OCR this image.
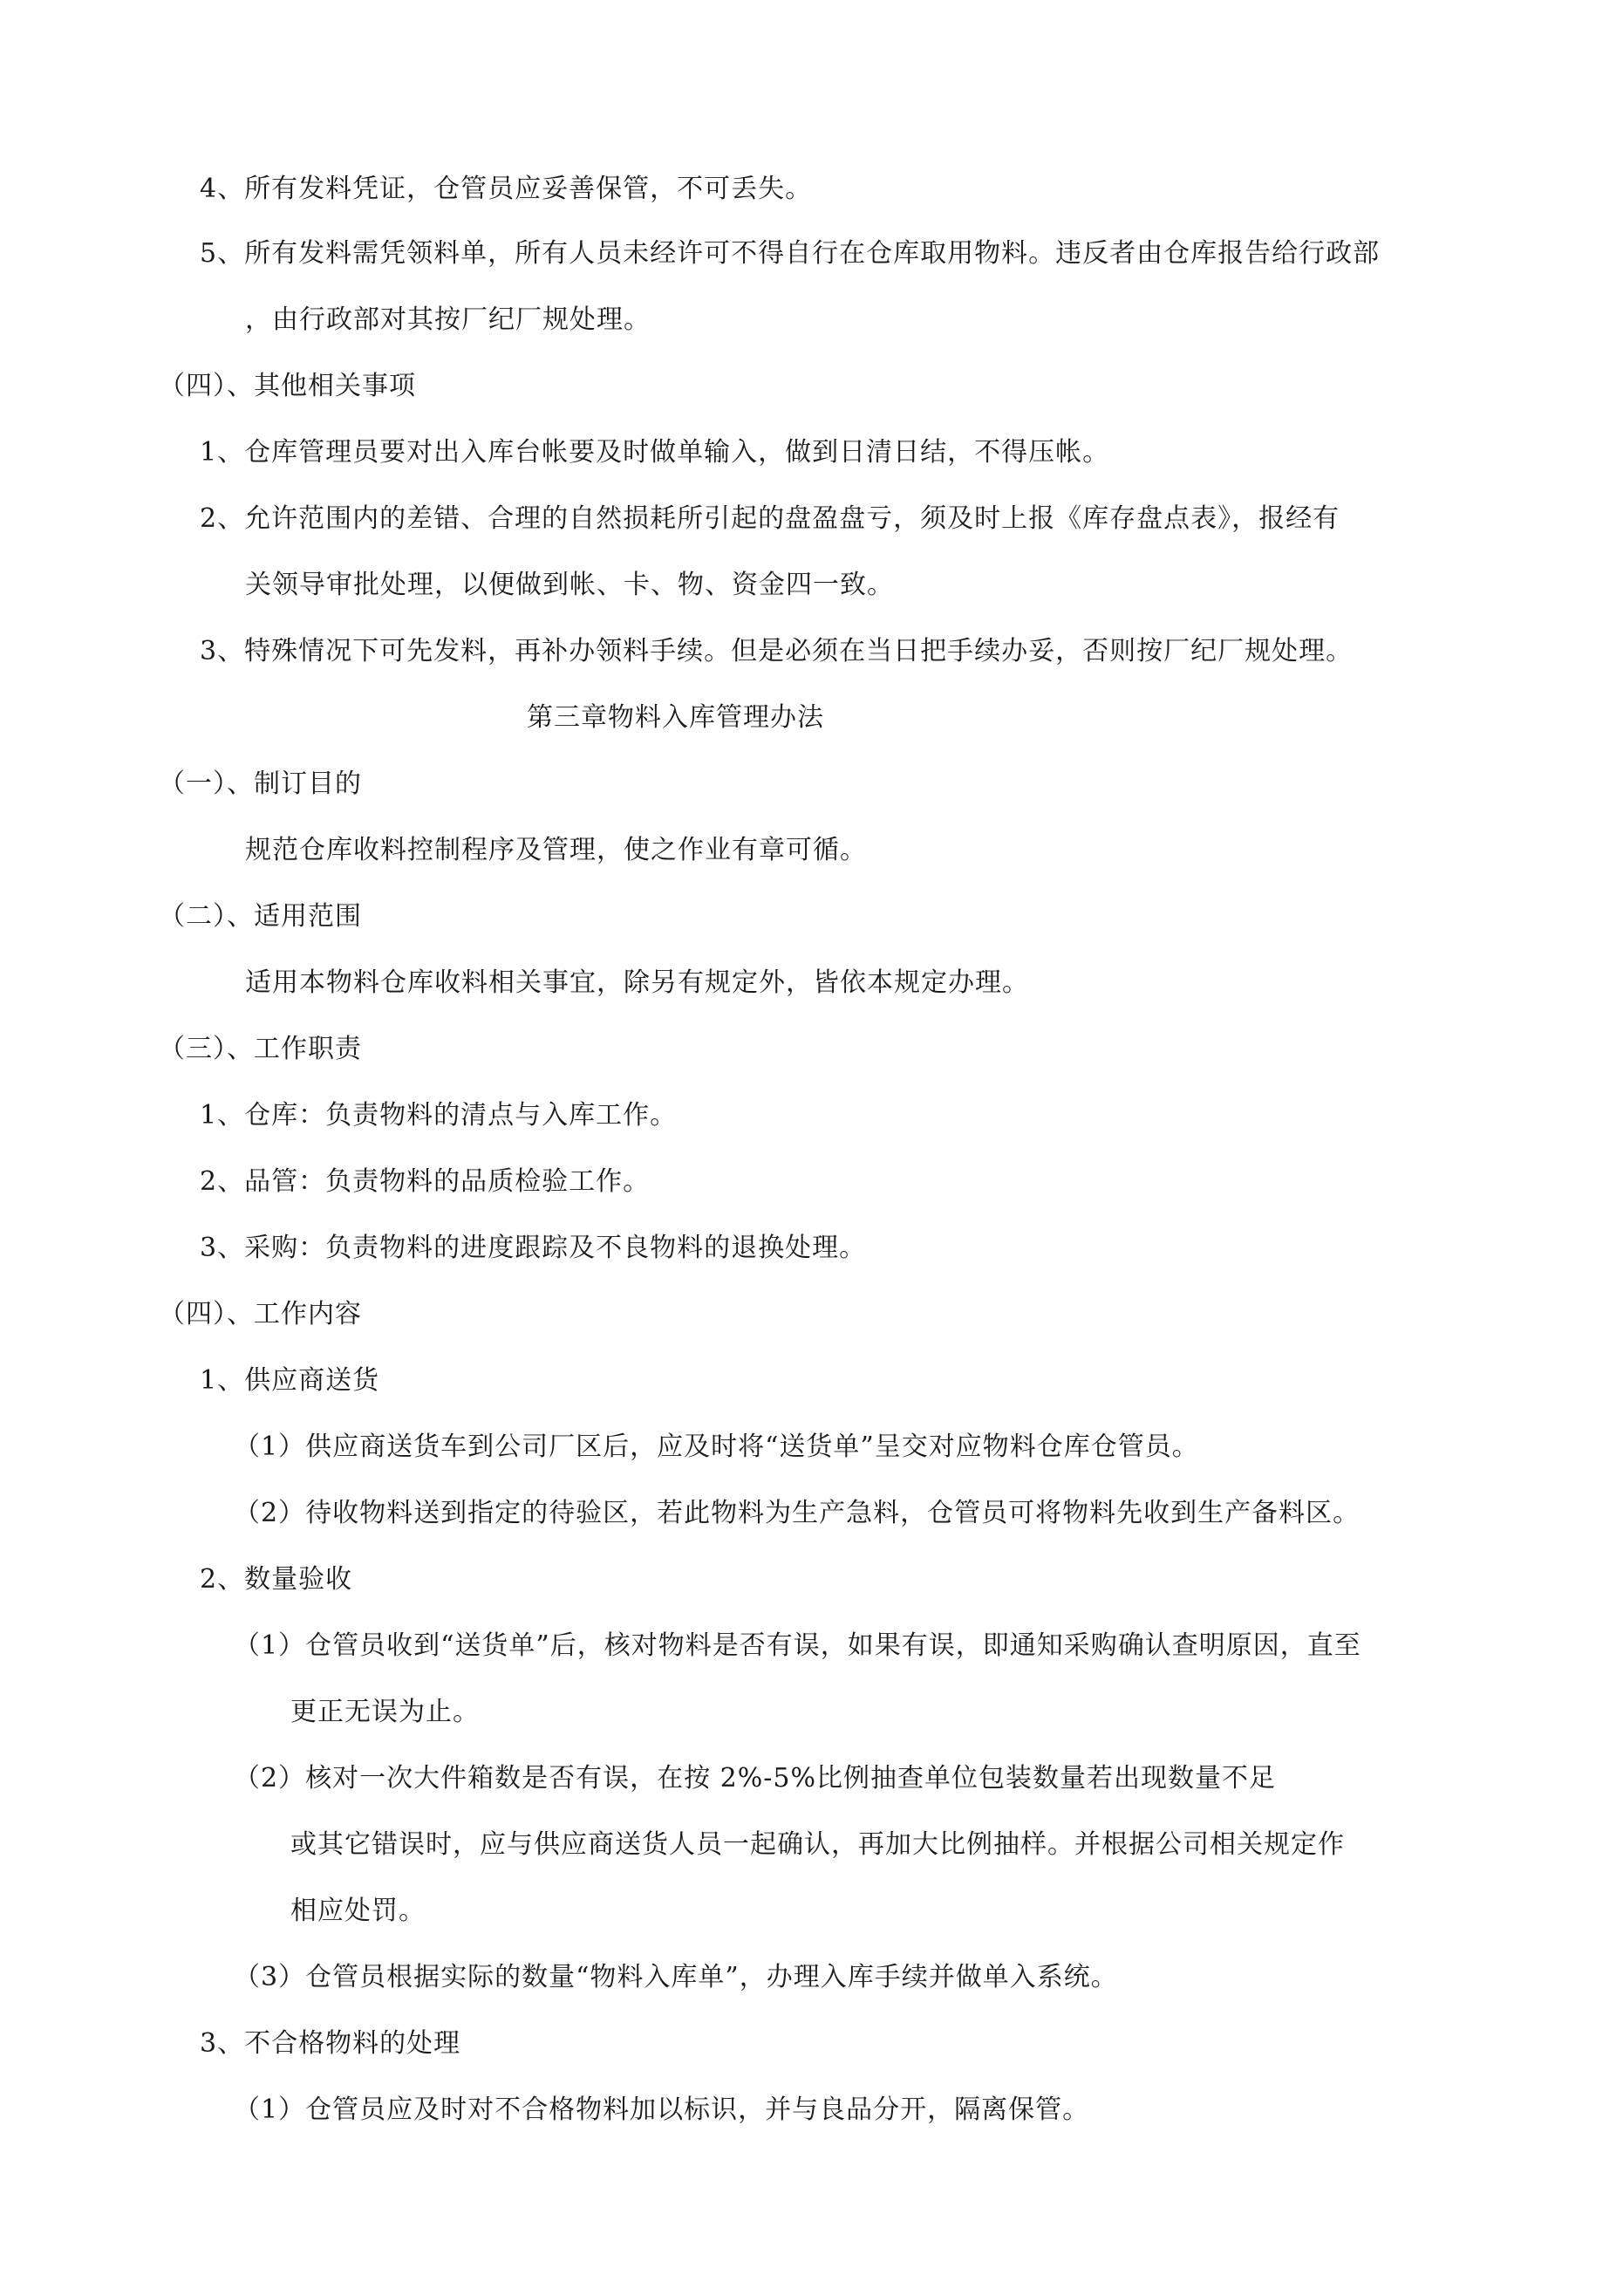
4、所有发料凭证，仓管员应妥善保管，不可丢失。
5、所有发料需凭领料单，所有人员未经许可不得自行在仓库取用物料。违反者由仓库报告给行政部
，由行政部对其按厂纪厂规处理。
（四）、其他相关事项
1、仓库管理员要对出入库台帐要及时做单输入，做到日清日结，不得压帐。
2、允许范围内的差错、合理的自然损耗所引起的盘盈盘亏，须及时上报《库存盘点表》，报经有
关领导审批处理，以便做到帐、卡、物、资金四一致。
3、特殊情况下可先发料，再补办领料手续。但是必须在当日把手续办妥，否则按厂纪厂规处理。
第三章物料入库管理办法
（一）、制订目的
规范仓库收料控制程序及管理，使之作业有章可循。
（二）、适用范围
适用本物料仓库收料相关事宜，除另有规定外，皆依本规定办理。
（三）、工作职责
1、仓库：负责物料的清点与入库工作。
2、品管：负责物料的品质检验工作。
3、采购：负责物料的进度跟踪及不良物料的退换处理。
（四）、工作内容
1、供应商送货
（1）供应商送货车到公司厂区后，应及时将“送货单”呈交对应物料仓库仓管员。
（2）待收物料送到指定的待验区，若此物料为生产急料，仓管员可将物料先收到生产备料区。
2、数量验收
（1）仓管员收到“送货单”后，核对物料是否有误，如果有误，即通知采购确认查明原因，直至
更正无误为止。
（2）核对一次大件箱数是否有误，在按 2%-5%比例抽查单位包装数量若出现数量不足
或其它错误时，应与供应商送货人员一起确认，再加大比例抽样。并根据公司相关规定作
相应处罚。
（3）仓管员根据实际的数量“物料入库单”，办理入库手续并做单入系统。
3、不合格物料的处理
（1）仓管员应及时对不合格物料加以标识，并与良品分开，隔离保管。
